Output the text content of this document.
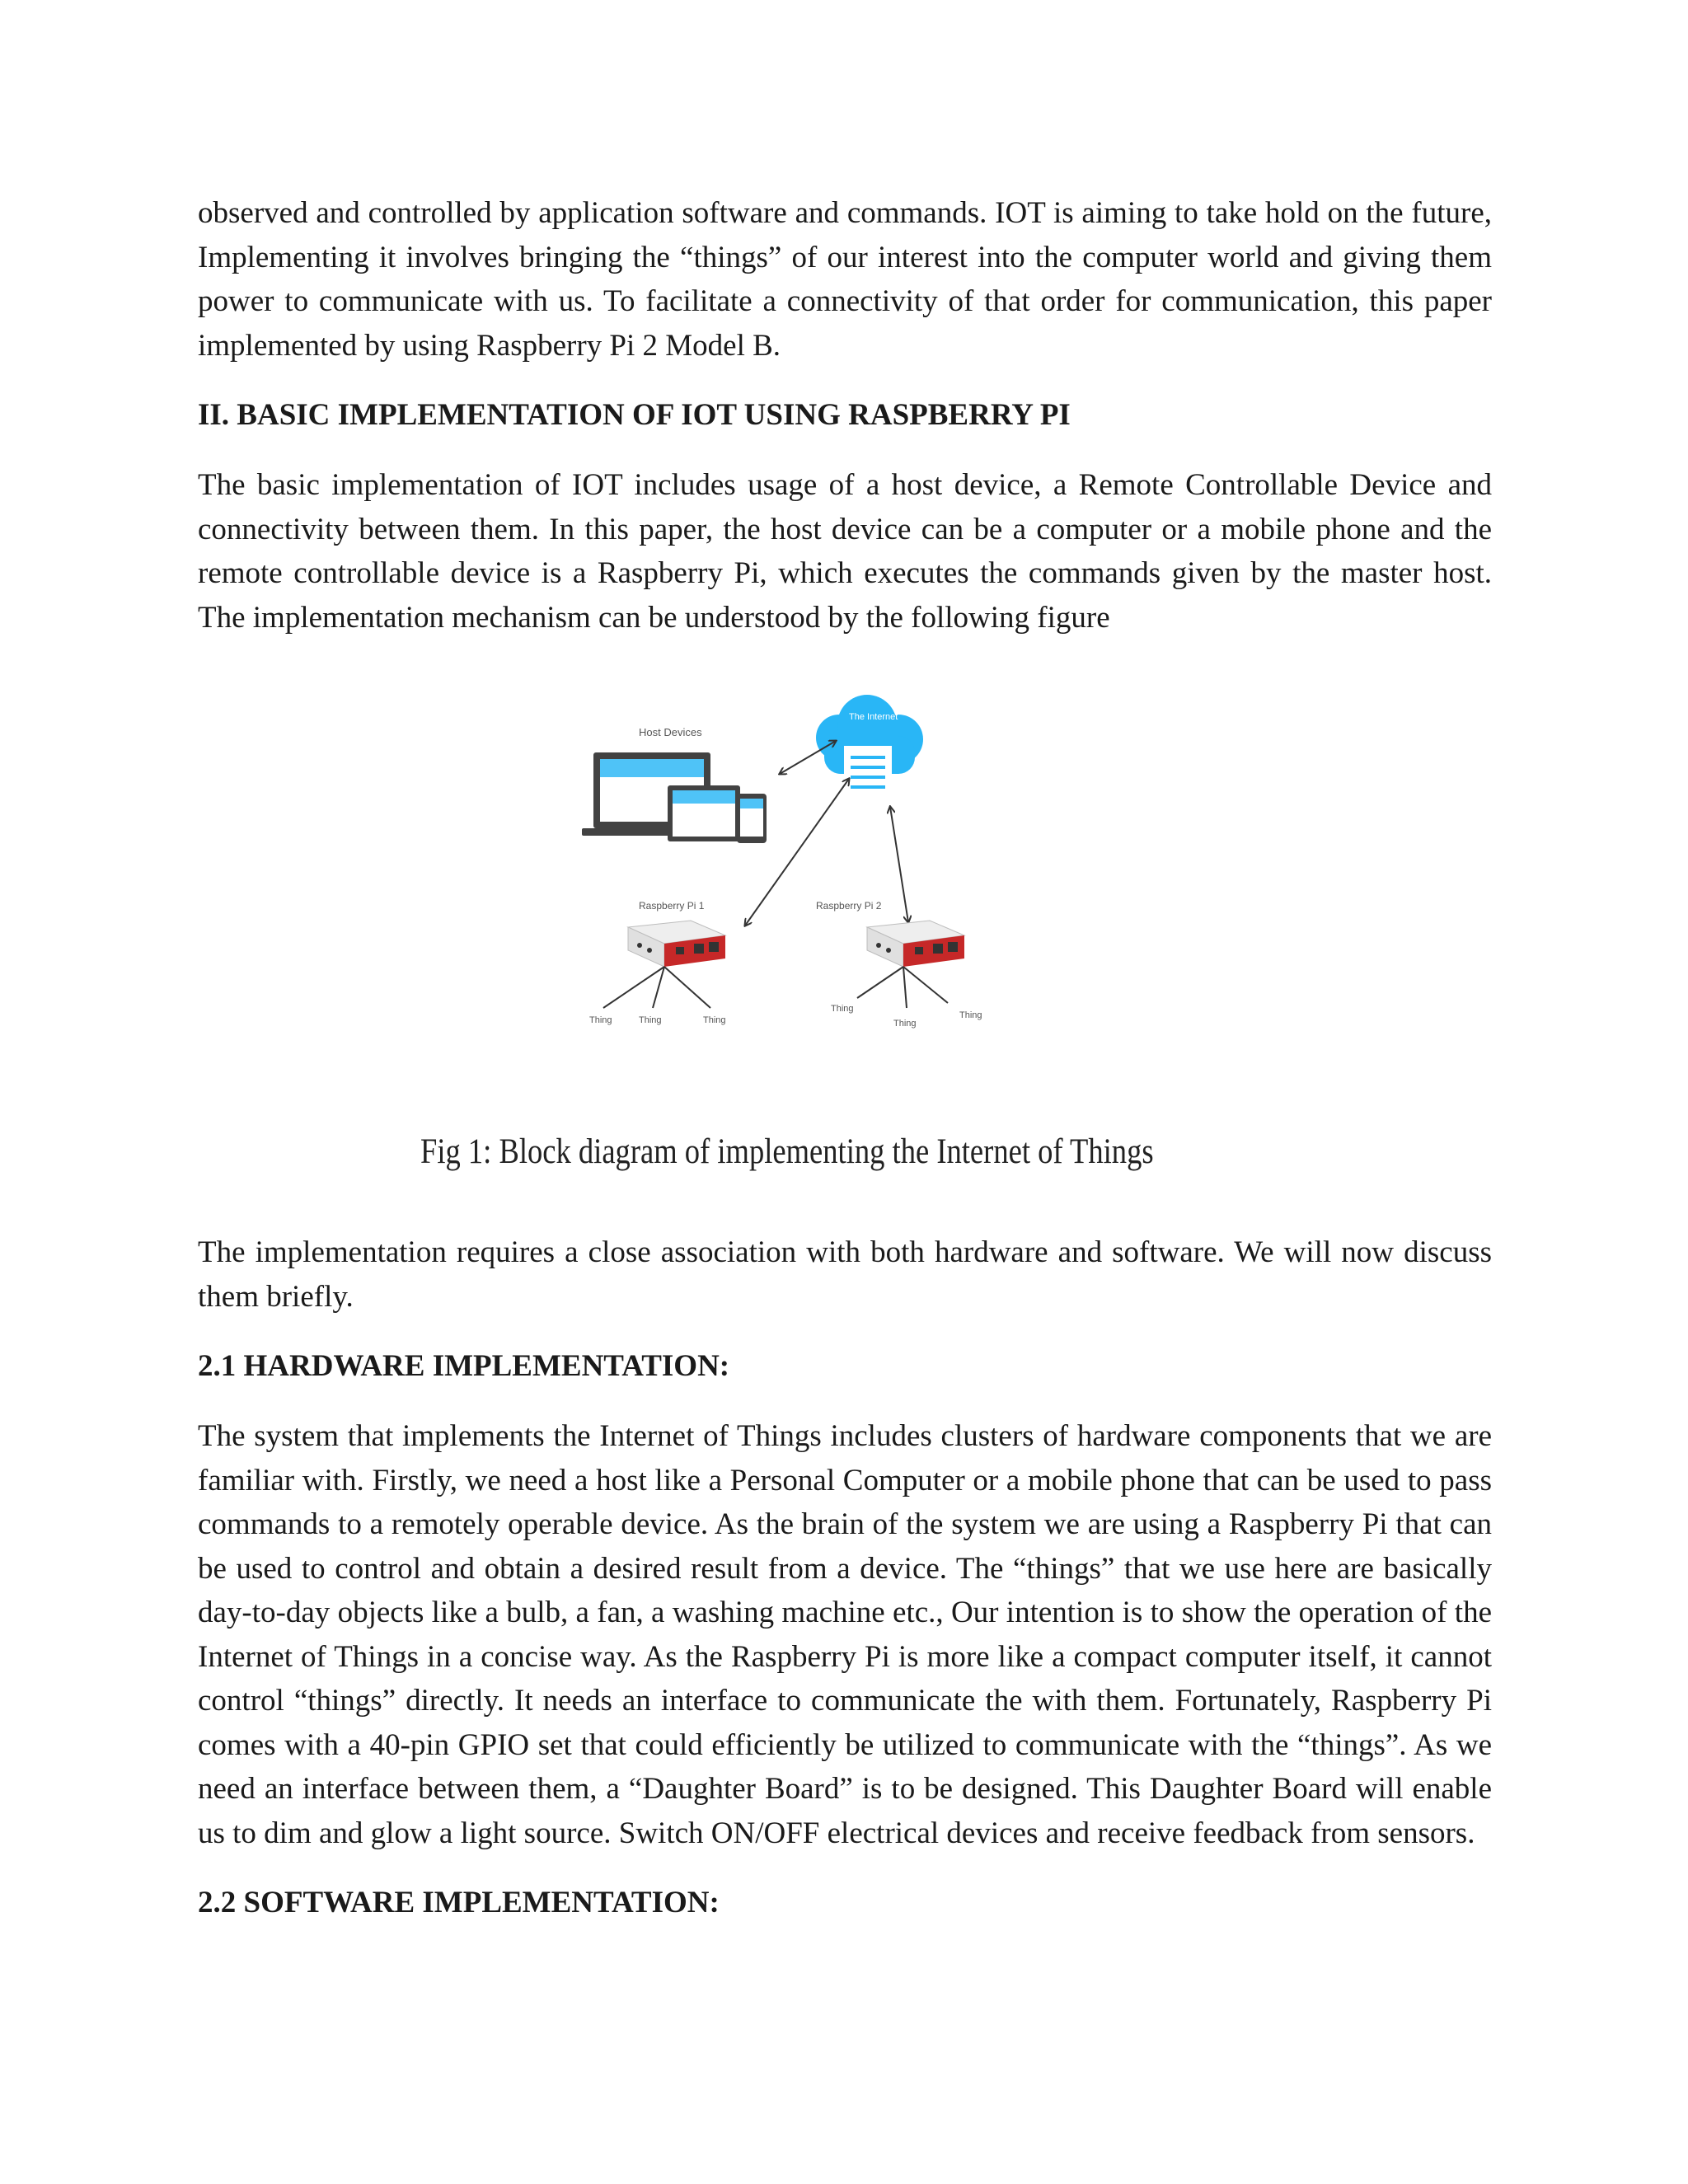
observed and controlled by application software and commands. IOT is aiming to take hold on the future, Implementing it involves bringing the “things” of our interest into the computer world and giving them power to communicate with us. To facilitate a connectivity of that order for communication, this paper implemented by using Raspberry Pi 2 Model B.

II. BASIC IMPLEMENTATION OF IOT USING RASPBERRY PI

The basic implementation of IOT includes usage of a host device, a Remote Controllable Device and connectivity between them. In this paper, the host device can be a computer or a mobile phone and the remote controllable device is a Raspberry Pi, which executes the commands given by the master host. The implementation mechanism can be understood by the following figure

The Internet
Host Devices
Raspberry Pi 1
Thing	Thing	Thing
Raspberry Pi 2
Thing
Thing
Thing
Fig 1: Block diagram of implementing the Internet of Things

The implementation requires a close association with both hardware and software. We will now discuss them briefly.

2.1 HARDWARE IMPLEMENTATION:

The system that implements the Internet of Things includes clusters of hardware components that we are familiar with. Firstly, we need a host like a Personal Computer or a mobile phone that can be used to pass commands to a remotely operable device. As the brain of the system we are using a Raspberry Pi that can be used to control and obtain a desired result from a device. The “things” that we use here are basically day-to-day objects like a bulb, a fan, a washing machine etc., Our intention is to show the operation of the Internet of Things in a concise way. As the Raspberry Pi is more like a compact computer itself, it cannot control “things” directly. It needs an interface to communicate the with them. Fortunately, Raspberry Pi comes with a 40-pin GPIO set that could efficiently be utilized to communicate with the “things”. As we need an interface between them, a “Daughter Board” is to be designed. This Daughter Board will enable us to dim and glow a light source. Switch ON/OFF electrical devices and receive feedback from sensors.

2.2 SOFTWARE IMPLEMENTATION:
